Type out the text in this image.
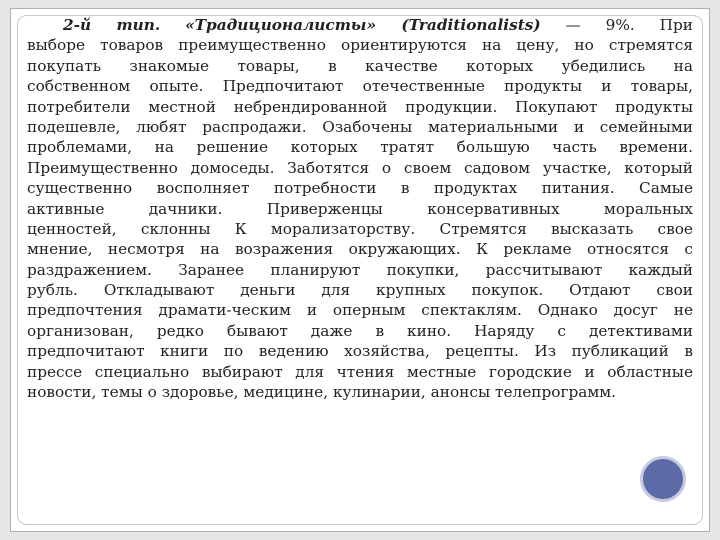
2-й тип. «Традиционалисты» (Traditionalists) — 9%. При
выборе товаров преимущественно ориентируются на цену, но стремятся
покупать знакомые товары, в качестве которых убедились на
собственном опыте. Предпочитают отечественные продукты и товары,
потребители местной небрендированной продукции. Покупают продукты
подешевле, любят распродажи. Озабочены материальными и семейными
проблемами, на решение которых тратят большую часть времени.
Преимущественно домоседы. Заботятся о своем садовом участке, который
существенно восполняет потребности в продуктах питания. Самые
активные дачники. Приверженцы консервативных моральных
ценностей, склонны К морализаторству. Стремятся высказать свое
мнение, несмотря на возражения окружающих. К рекламе относятся с
раздражением. Заранее планируют покупки, рассчитывают каждый
рубль. Откладывают деньги для крупных покупок. Отдают свои
предпочтения драмати-ческим и оперным спектаклям. Однако досуг не
организован, редко бывают даже в кино. Наряду с детективами
предпочитают книги по ведению хозяйства, рецепты. Из публикаций в
прессе специально выбирают для чтения местные городские и областные
новости, темы о здоровье, медицине, кулинарии, анонсы телепрограмм.
